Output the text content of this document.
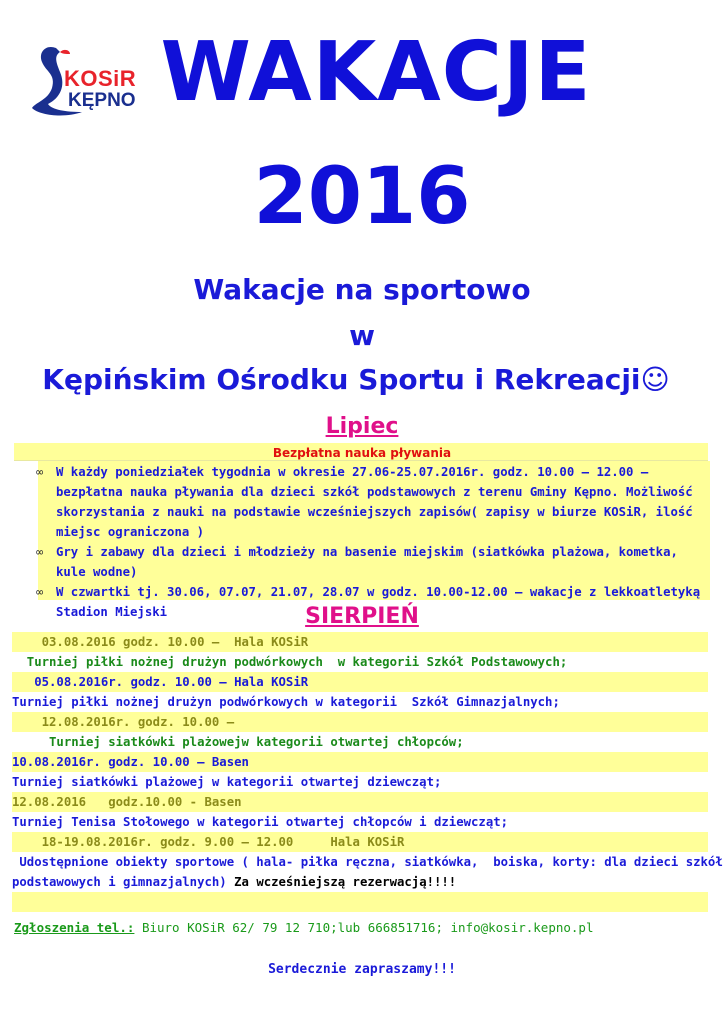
KOSiR
KĘPNO WAKACJE
2016
Wakacje na sportowo
w
Kępińskim Ośrodku Sportu i Rekreacji☺
Lipiec
Bezpłatna nauka pływania
∞ W każdy poniedziałek tygodnia w okresie 27.06-25.07.2016r. godz. 10.00 – 12.00 –bezpłatna nauka pływania dla dzieci szkół podstawowych z terenu Gminy Kępno. Możliwość skorzystania z nauki na podstawie wcześniejszych zapisów( zapisy w biurze KOSiR, ilość miejsc ograniczona )
∞ Gry i zabawy dla dzieci i młodzieży na basenie miejskim (siatkówka plażowa, kometka, kule wodne)
∞ W czwartki tj. 30.06, 07.07, 21.07, 28.07 w godz. 10.00-12.00 – wakacje z lekkoatletyką Stadion Miejski	SIERPIEŃ
03.08.2016 godz. 10.00 –  Hala KOSiR
Turniej piłki nożnej drużyn podwórkowych  w kategorii Szkół Podstawowych;
05.08.2016r. godz. 10.00 – Hala KOSiR
Turniej piłki nożnej drużyn podwórkowych w kategorii  Szkół Gimnazjalnych;
12.08.2016r. godz. 10.00 –
Turniej siatkówki plażowejw kategorii otwartej chłopców;
10.08.2016r. godz. 10.00 – Basen
Turniej siatkówki plażowej w kategorii otwartej dziewcząt;
12.08.2016   godz.10.00 - Basen
Turniej Tenisa Stołowego w kategorii otwartej chłopców i dziewcząt;
18-19.08.2016r. godz. 9.00 – 12.00     Hala KOSiR
Udostępnione obiekty sportowe ( hala- piłka ręczna, siatkówka,  boiska, korty: dla dzieci szkół
podstawowych i gimnazjalnych) Za wcześniejszą rezerwacją!!!!
Zgłoszenia tel.: Biuro KOSiR 62/ 79 12 710;lub 666851716; info@kosir.kepno.pl
Serdecznie zapraszamy!!!
